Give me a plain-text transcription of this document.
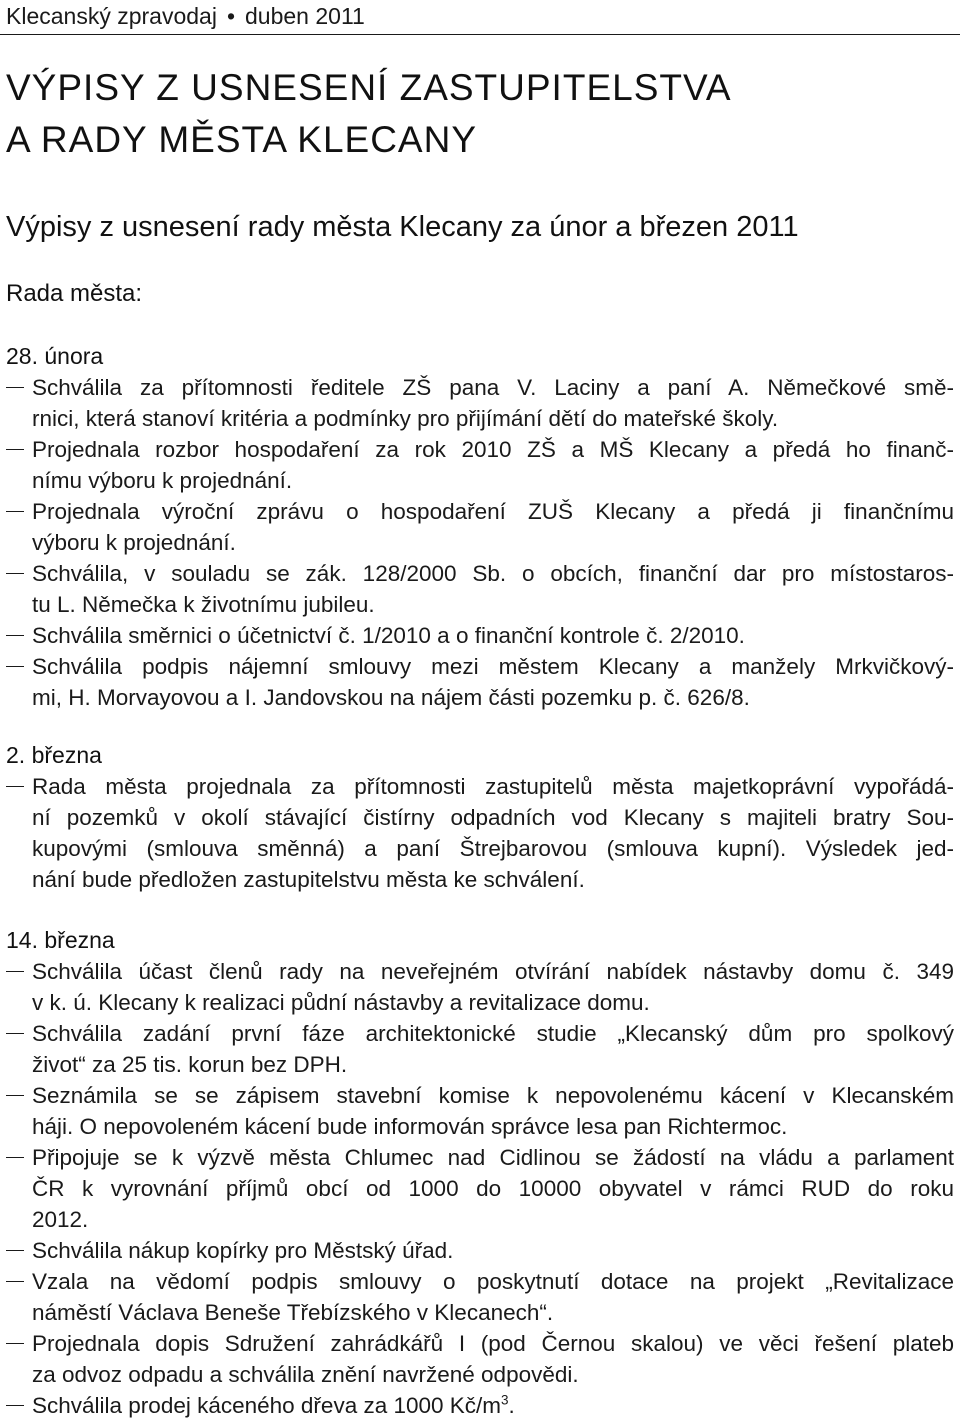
Klecanský zpravodaj • duben 2011
VÝPISY Z USNESENÍ ZASTUPITELSTVA
A RADY MĚSTA KLECANY
Výpisy z usnesení rady města Klecany za únor a březen 2011
Rada města:
28. února
Schválila za přítomnosti ředitele ZŠ pana V. Laciny a paní A. Němečkové smě-
rnici, která stanoví kritéria a podmínky pro přijímání dětí do mateřské školy.
Projednala rozbor hospodaření za rok 2010 ZŠ a MŠ Klecany a předá ho finanč-
nímu výboru k projednání.
Projednala výroční zprávu o hospodaření ZUŠ Klecany a předá ji finančnímu
výboru k projednání.
Schválila, v souladu se zák. 128/2000 Sb. o obcích, finanční dar pro místostaros-
tu L. Němečka k životnímu jubileu.
Schválila směrnici o účetnictví č. 1/2010 a o finanční kontrole č. 2/2010.
Schválila podpis nájemní smlouvy mezi městem Klecany a manžely Mrkvičkový-
mi, H. Morvayovou a I. Jandovskou na nájem části pozemku p. č. 626/8.
2. března
Rada města projednala za přítomnosti zastupitelů města majetkoprávní vypořádá-
ní pozemků v okolí stávající čistírny odpadních vod Klecany s majiteli bratry Sou-
kupovými (smlouva směnná) a paní Štrejbarovou (smlouva kupní). Výsledek jed-
nání bude předložen zastupitelstvu města ke schválení.
14. března
Schválila účast členů rady na neveřejném otvírání nabídek nástavby domu č. 349
v k. ú. Klecany k realizaci půdní nástavby a revitalizace domu.
Schválila zadání první fáze architektonické studie „Klecanský dům pro spolkový
život“ za 25 tis. korun bez DPH.
Seznámila se se zápisem stavební komise k nepovolenému kácení v Klecanském
háji. O nepovoleném kácení bude informován správce lesa pan Richtermoc.
Připojuje se k výzvě města Chlumec nad Cidlinou se žádostí na vládu a parlament
ČR k vyrovnání příjmů obcí od 1000 do 10000 obyvatel v rámci RUD do roku
2012.
Schválila nákup kopírky pro Městský úřad.
Vzala na vědomí podpis smlouvy o poskytnutí dotace na projekt „Revitalizace
náměstí Václava Beneše Třebízského v Klecanech“.
Projednala dopis Sdružení zahrádkářů I (pod Černou skalou) ve věci řešení plateb
za odvoz odpadu a schválila znění navržené odpovědi.
Schválila prodej káceného dřeva za 1000 $Kč/m^3$.
